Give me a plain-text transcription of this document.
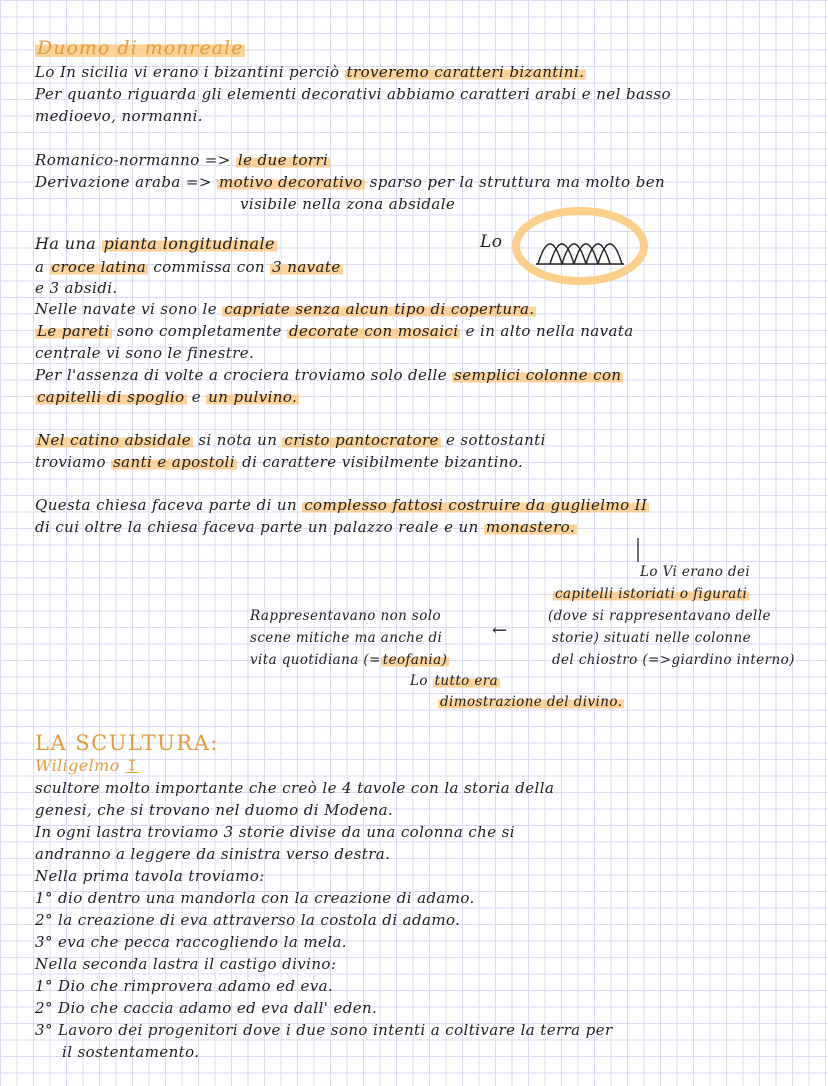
Duomo di monreale
Lo In sicilia vi erano i bizantini perciò troveremo caratteri bizantini.
Per quanto riguarda gli elementi decorativi abbiamo caratteri arabi e nel basso
medioevo, normanni.
Romanico-normanno => le due torri
Derivazione araba => motivo decorativo sparso per la struttura ma molto ben
visibile nella zona absidale
Lo
Ha una pianta longitudinale
a croce latina commissa con 3 navate
e 3 absidi.
Nelle navate vi sono le capriate senza alcun tipo di copertura.
Le pareti sono completamente decorate con mosaici e in alto nella navata
centrale vi sono le finestre.
Per l'assenza di volte a crociera troviamo solo delle semplici colonne con
capitelli di spoglio e un pulvino.
Nel catino absidale si nota un cristo pantocratore e sottostanti
troviamo santi e apostoli di carattere visibilmente bizantino.
Questa chiesa faceva parte di un complesso fattosi costruire da guglielmo II
di cui oltre la chiesa faceva parte un palazzo reale e un monastero.
Lo Vi erano dei
capitelli istoriati o figurati
(dove si rappresentavano delle
storie) situati nelle colonne
del chiostro (=>giardino interno)
Rappresentavano non solo
scene mitiche ma anche di	←
vita quotidiana (= teofania)
Lo tutto era
dimostrazione del divino.
LA SCULTURA:
Wiligelmo ↧
scultore molto importante che creò le 4 tavole con la storia della
genesi, che si trovano nel duomo di Modena.
In ogni lastra troviamo 3 storie divise da una colonna che si
andranno a leggere da sinistra verso destra.
Nella prima tavola troviamo:
1° dio dentro una mandorla con la creazione di adamo.
2° la creazione di eva attraverso la costola di adamo.
3° eva che pecca raccogliendo la mela.
Nella seconda lastra il castigo divino:
1° Dio che rimprovera adamo ed eva.
2° Dio che caccia adamo ed eva dall' eden.
3° Lavoro dei progenitori dove i due sono intenti a coltivare la terra per
il sostentamento.
